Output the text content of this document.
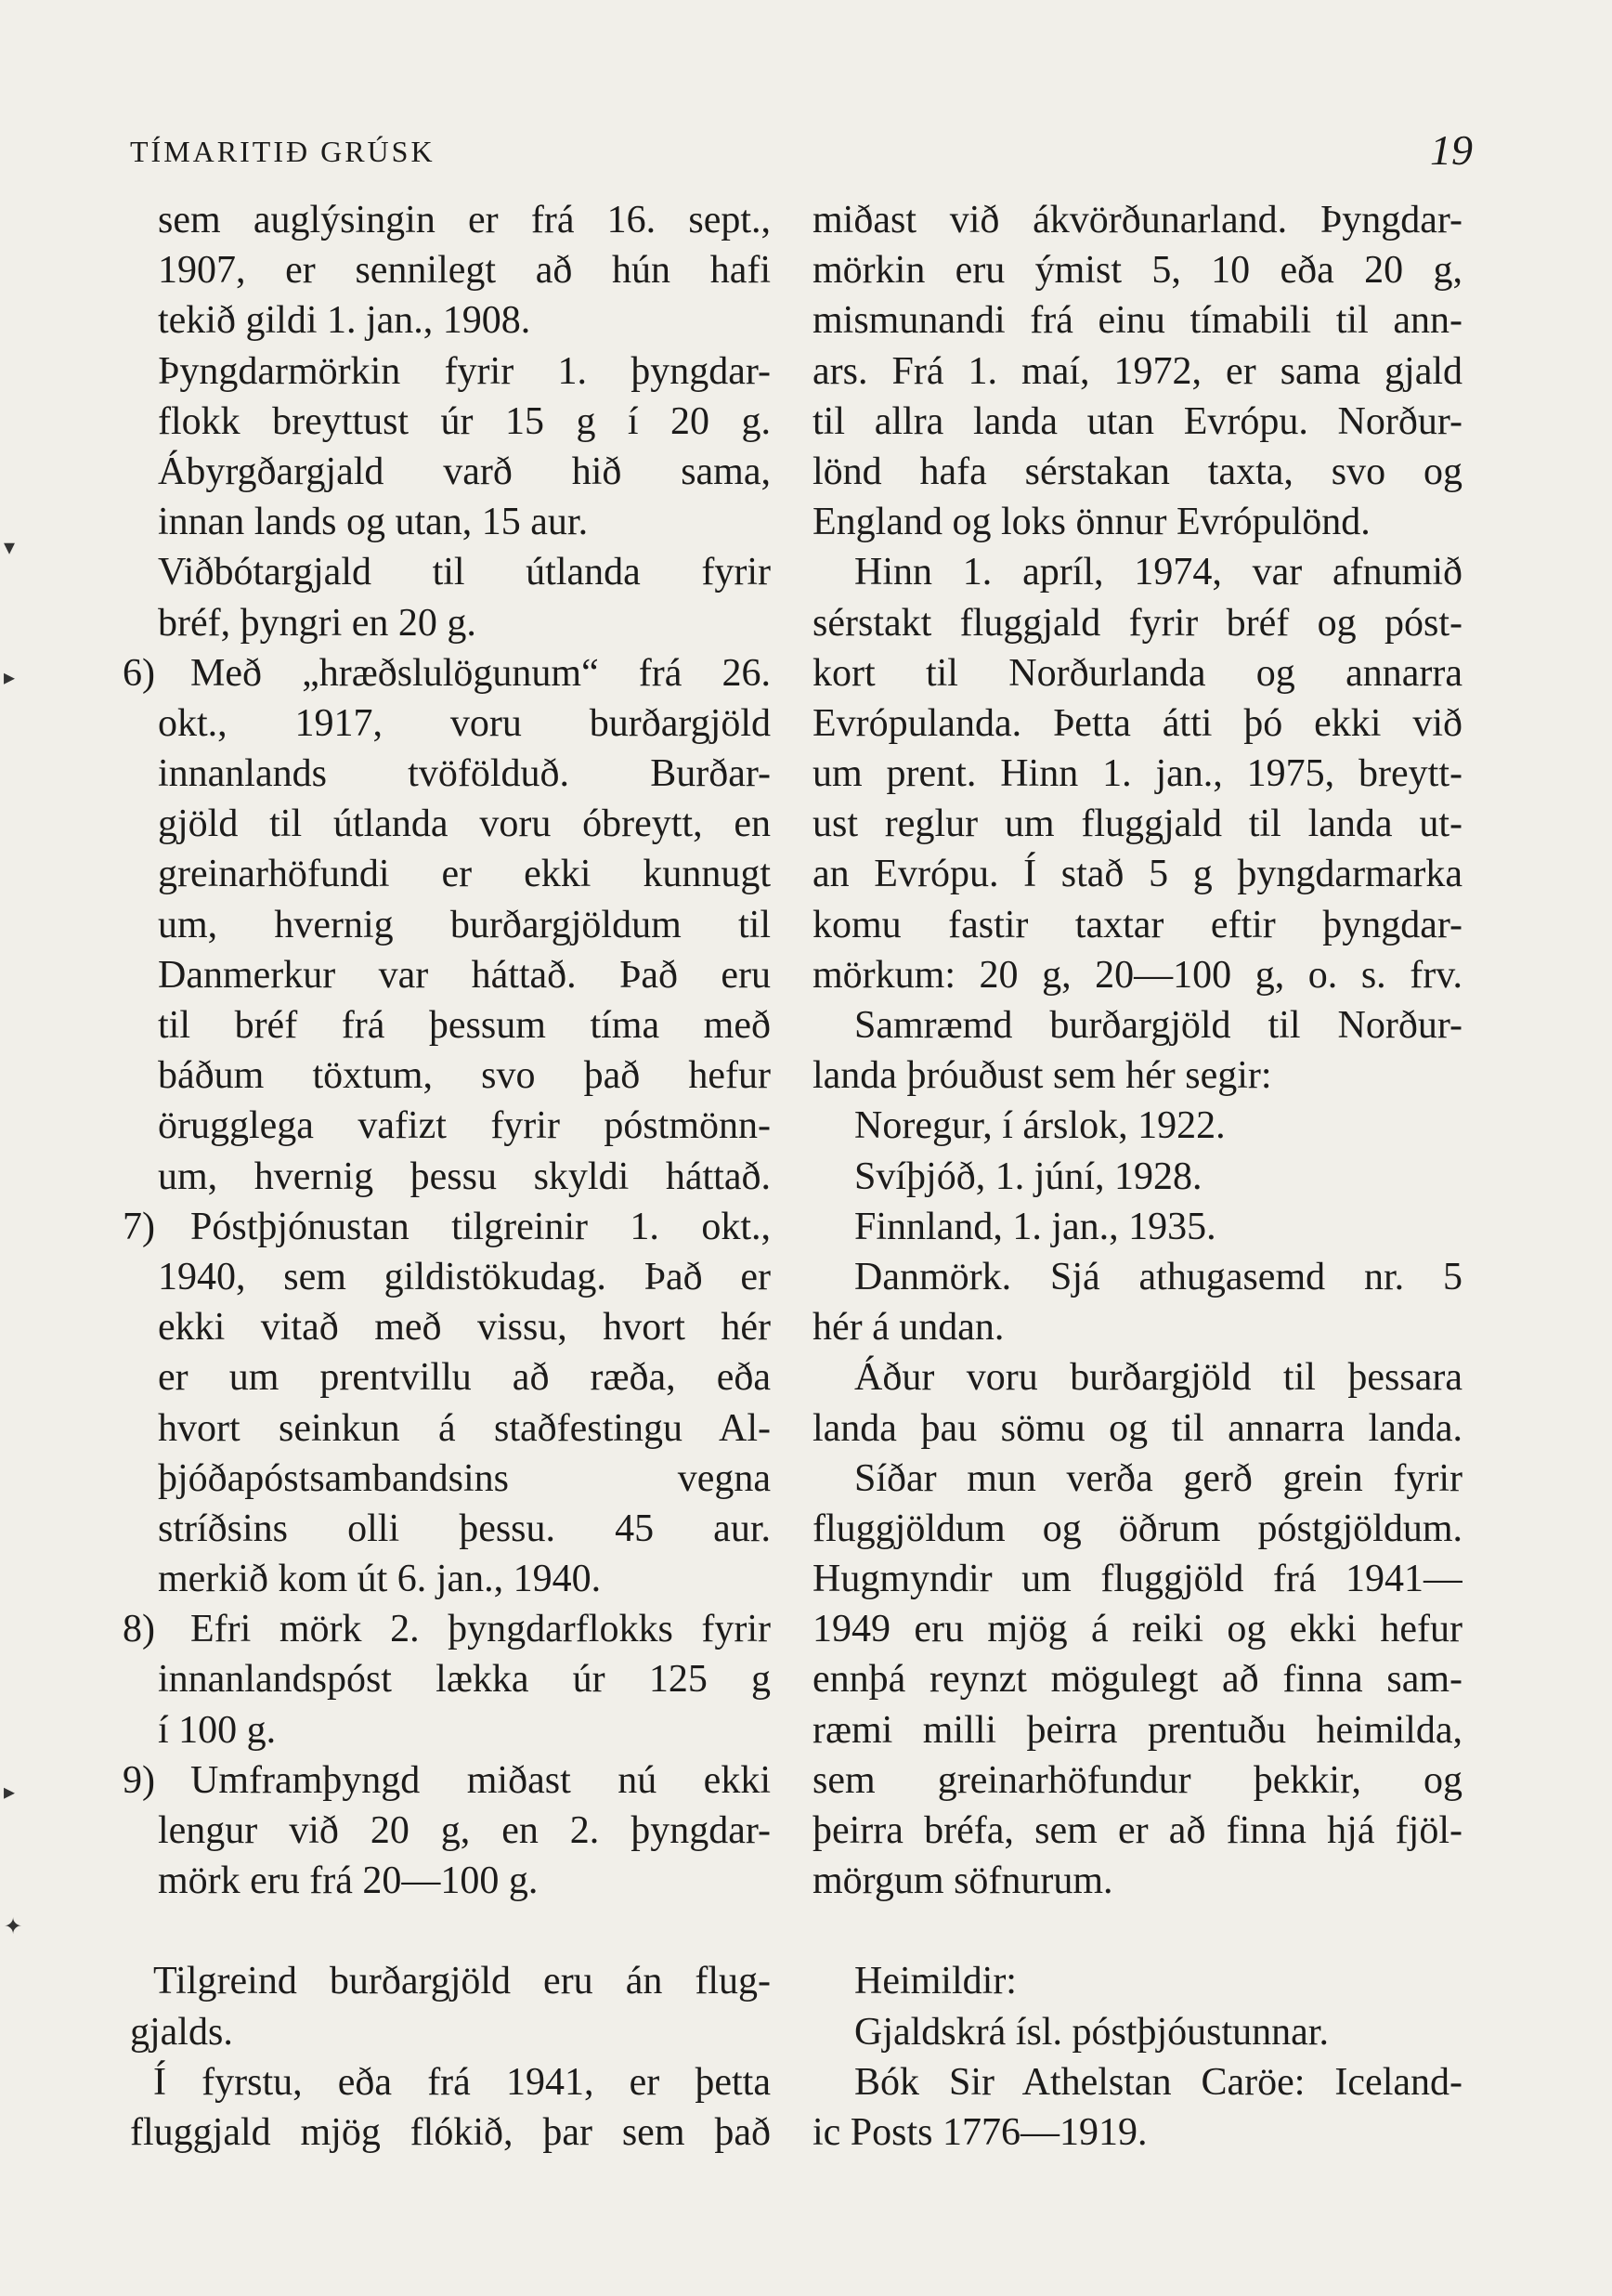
TÍMARITIÐ GRÚSK	19
▾
▸
▸
✦
sem auglýsingin er frá 16. sept.,
1907, er sennilegt að hún hafi
tekið gildi 1. jan., 1908.
Þyngdarmörkin fyrir 1. þyngdar-
flokk breyttust úr 15 g í 20 g.
Ábyrgðargjald varð hið sama,
innan lands og utan, 15 aur.
Viðbótargjald til útlanda fyrir
bréf, þyngri en 20 g.
6) Með „hræðslulögunum“ frá 26.
okt., 1917, voru burðargjöld
innanlands tvöfölduð. Burðar-
gjöld til útlanda voru óbreytt, en
greinarhöfundi er ekki kunnugt
um, hvernig burðargjöldum til
Danmerkur var háttað. Það eru
til bréf frá þessum tíma með
báðum töxtum, svo það hefur
örugglega vafizt fyrir póstmönn-
um, hvernig þessu skyldi háttað.
7) Póstþjónustan tilgreinir 1. okt.,
1940, sem gildistökudag. Það er
ekki vitað með vissu, hvort hér
er um prentvillu að ræða, eða
hvort seinkun á staðfestingu Al-
þjóðapóstsambandsins vegna
stríðsins olli þessu. 45 aur.
merkið kom út 6. jan., 1940.
8) Efri mörk 2. þyngdarflokks fyrir
innanlandspóst lækka úr 125 g
í 100 g.
9) Umframþyngd miðast nú ekki
lengur við 20 g, en 2. þyngdar-
mörk eru frá 20—100 g.
Tilgreind burðargjöld eru án flug-
gjalds.
Í fyrstu, eða frá 1941, er þetta
fluggjald mjög flókið, þar sem það
miðast við ákvörðunarland. Þyngdar-
mörkin eru ýmist 5, 10 eða 20 g,
mismunandi frá einu tímabili til ann-
ars. Frá 1. maí, 1972, er sama gjald
til allra landa utan Evrópu. Norður-
lönd hafa sérstakan taxta, svo og
England og loks önnur Evrópulönd.
Hinn 1. apríl, 1974, var afnumið
sérstakt fluggjald fyrir bréf og póst-
kort til Norðurlanda og annarra
Evrópulanda. Þetta átti þó ekki við
um prent. Hinn 1. jan., 1975, breytt-
ust reglur um fluggjald til landa ut-
an Evrópu. Í stað 5 g þyngdarmarka
komu fastir taxtar eftir þyngdar-
mörkum: 20 g, 20—100 g, o. s. frv.
Samræmd burðargjöld til Norður-
landa þróuðust sem hér segir:
Noregur, í árslok, 1922.
Svíþjóð, 1. júní, 1928.
Finnland, 1. jan., 1935.
Danmörk. Sjá athugasemd nr. 5
hér á undan.
Áður voru burðargjöld til þessara
landa þau sömu og til annarra landa.
Síðar mun verða gerð grein fyrir
fluggjöldum og öðrum póstgjöldum.
Hugmyndir um fluggjöld frá 1941—
1949 eru mjög á reiki og ekki hefur
ennþá reynzt mögulegt að finna sam-
ræmi milli þeirra prentuðu heimilda,
sem greinarhöfundur þekkir, og
þeirra bréfa, sem er að finna hjá fjöl-
mörgum söfnurum.
Heimildir:
Gjaldskrá ísl. póstþjóustunnar.
Bók Sir Athelstan Caröe: Iceland-
ic Posts 1776—1919.
